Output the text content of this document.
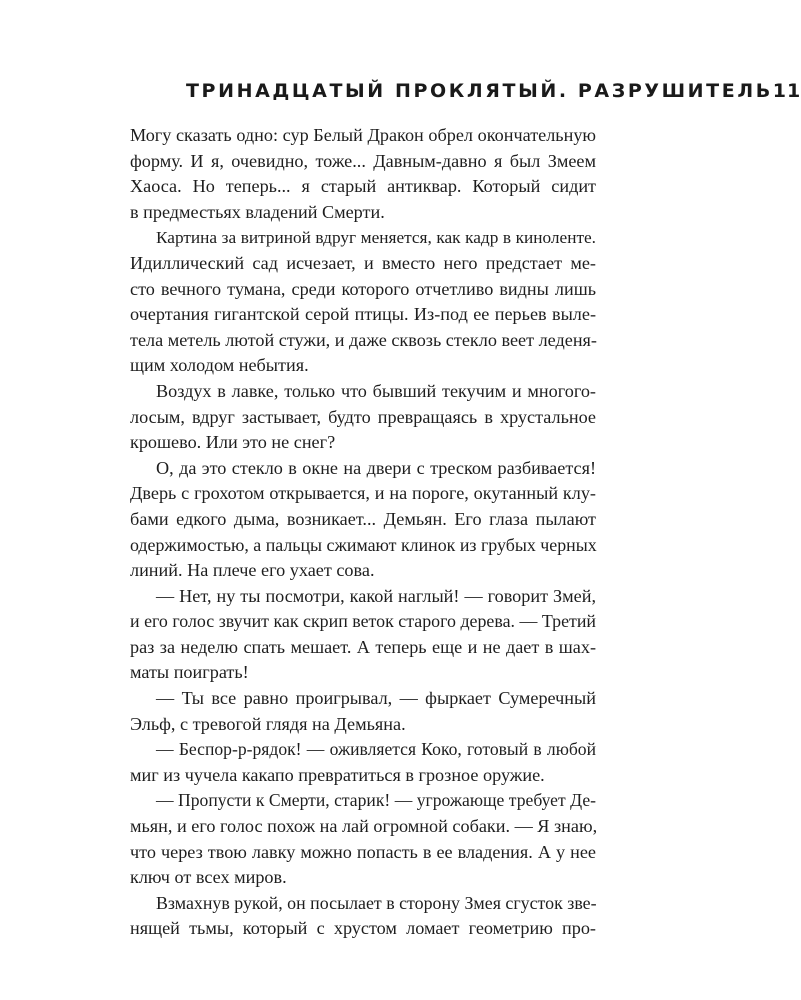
ТРИНАДЦАТЫЙ ПРОКЛЯТЫЙ. РАЗРУШИТЕЛЬ 11
Могу сказать одно: сур Белый Дракон обрел окончательную
форму. И я, очевидно, тоже... Давным-давно я был Змеем
Хаоса. Но теперь... я старый антиквар. Который сидит
в предместьях владений Смерти.
Картина за витриной вдруг меняется, как кадр в киноленте.
Идиллический сад исчезает, и вместо него предстает ме-
сто вечного тумана, среди которого отчетливо видны лишь
очертания гигантской серой птицы. Из-под ее перьев выле-
тела метель лютой стужи, и даже сквозь стекло веет леденя-
щим холодом небытия.
Воздух в лавке, только что бывший текучим и многого-
лосым, вдруг застывает, будто превращаясь в хрустальное
крошево. Или это не снег?
О, да это стекло в окне на двери с треском разбивается!
Дверь с грохотом открывается, и на пороге, окутанный клу-
бами едкого дыма, возникает... Демьян. Его глаза пылают
одержимостью, а пальцы сжимают клинок из грубых черных
линий. На плече его ухает сова.
— Нет, ну ты посмотри, какой наглый! — говорит Змей,
и его голос звучит как скрип веток старого дерева. — Третий
раз за неделю спать мешает. А теперь еще и не дает в шах-
маты поиграть!
— Ты все равно проигрывал, — фыркает Сумеречный
Эльф, с тревогой глядя на Демьяна.
— Беспор-р-рядок! — оживляется Коко, готовый в любой
миг из чучела какапо превратиться в грозное оружие.
— Пропусти к Смерти, старик! — угрожающе требует Де-
мьян, и его голос похож на лай огромной собаки. — Я знаю,
что через твою лавку можно попасть в ее владения. А у нее
ключ от всех миров.
Взмахнув рукой, он посылает в сторону Змея сгусток зве-
нящей тьмы, который с хрустом ломает геометрию про-
